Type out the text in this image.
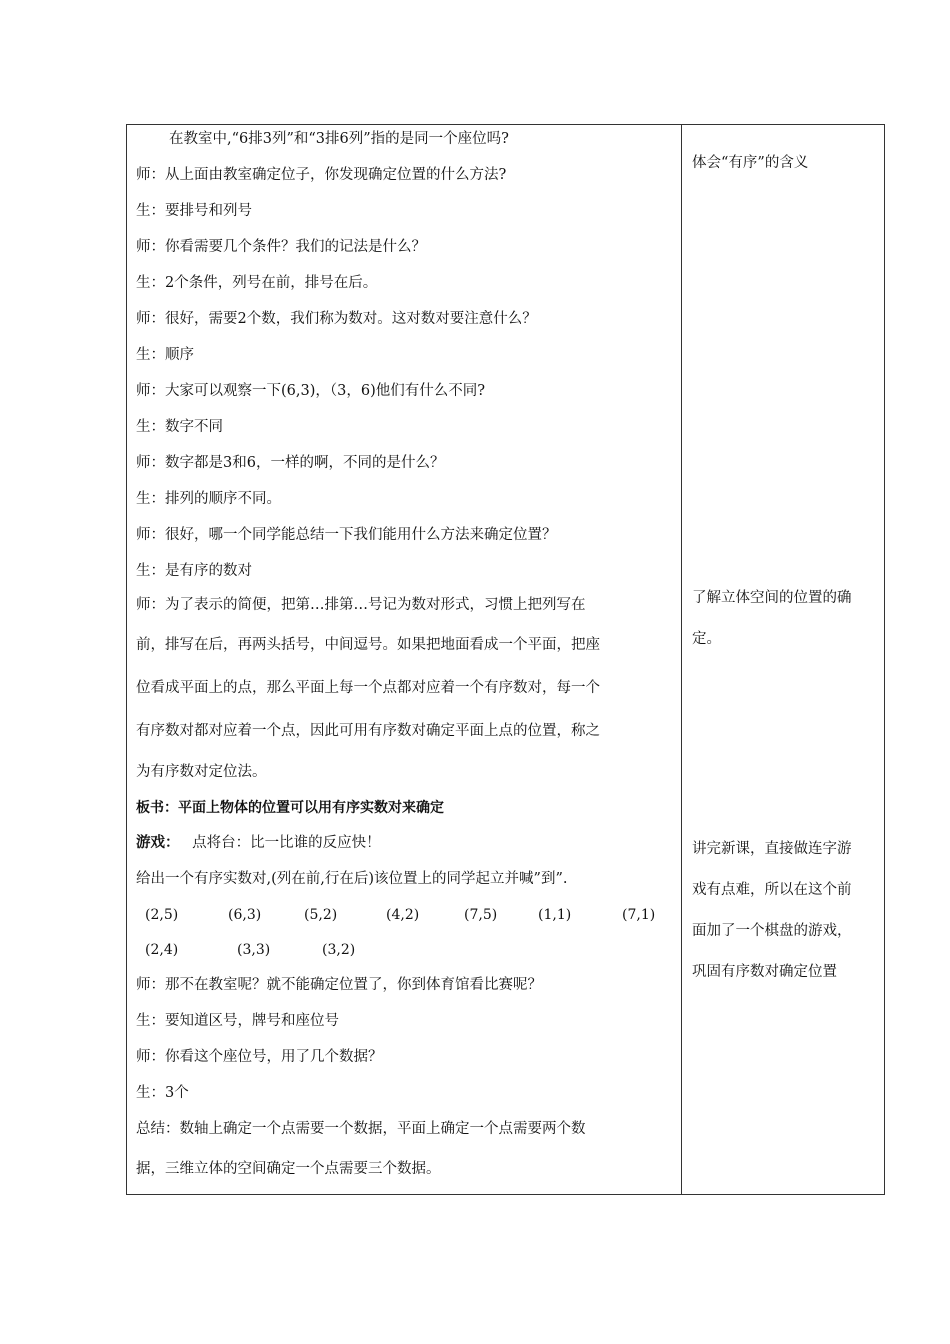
在教室中,“6排3列”和“3排6列”指的是同一个座位吗?
师：从上面由教室确定位子，你发现确定位置的什么方法?
生：要排号和列号
师：你看需要几个条件？我们的记法是什么？
生：2个条件，列号在前，排号在后。
师：很好，需要2个数，我们称为数对。这对数对要注意什么？
生：顺序
师：大家可以观察一下(6,3)，（3，6)他们有什么不同?
生：数字不同
师：数字都是3和6，一样的啊，不同的是什么？
生：排列的顺序不同。
师：很好，哪一个同学能总结一下我们能用什么方法来确定位置？
生：是有序的数对
师：为了表示的简便，把第…排第…号记为数对形式，习惯上把列写在
前，排写在后，再两头括号，中间逗号。如果把地面看成一个平面，把座
位看成平面上的点，那么平面上每一个点都对应着一个有序数对，每一个
有序数对都对应着一个点，因此可用有序数对确定平面上点的位置，称之
为有序数对定位法。
板书：平面上物体的位置可以用有序实数对来确定
游戏： 点将台：比一比谁的反应快！
给出一个有序实数对,(列在前,行在后)该位置上的同学起立并喊”到”.
(2,5)	(6,3)	(5,2)	(4,2)	(7,5)	(1,1)	(7,1)
(2,4)	(3,3)	(3,2)
师：那不在教室呢？就不能确定位置了，你到体育馆看比赛呢？
生：要知道区号，牌号和座位号
师：你看这个座位号，用了几个数据？
生：3个
总结：数轴上确定一个点需要一个数据，平面上确定一个点需要两个数
据，三维立体的空间确定一个点需要三个数据。
体会“有序”的含义
了解立体空间的位置的确
定。
讲完新课，直接做连字游
戏有点难，所以在这个前
面加了一个棋盘的游戏，
巩固有序数对确定位置
